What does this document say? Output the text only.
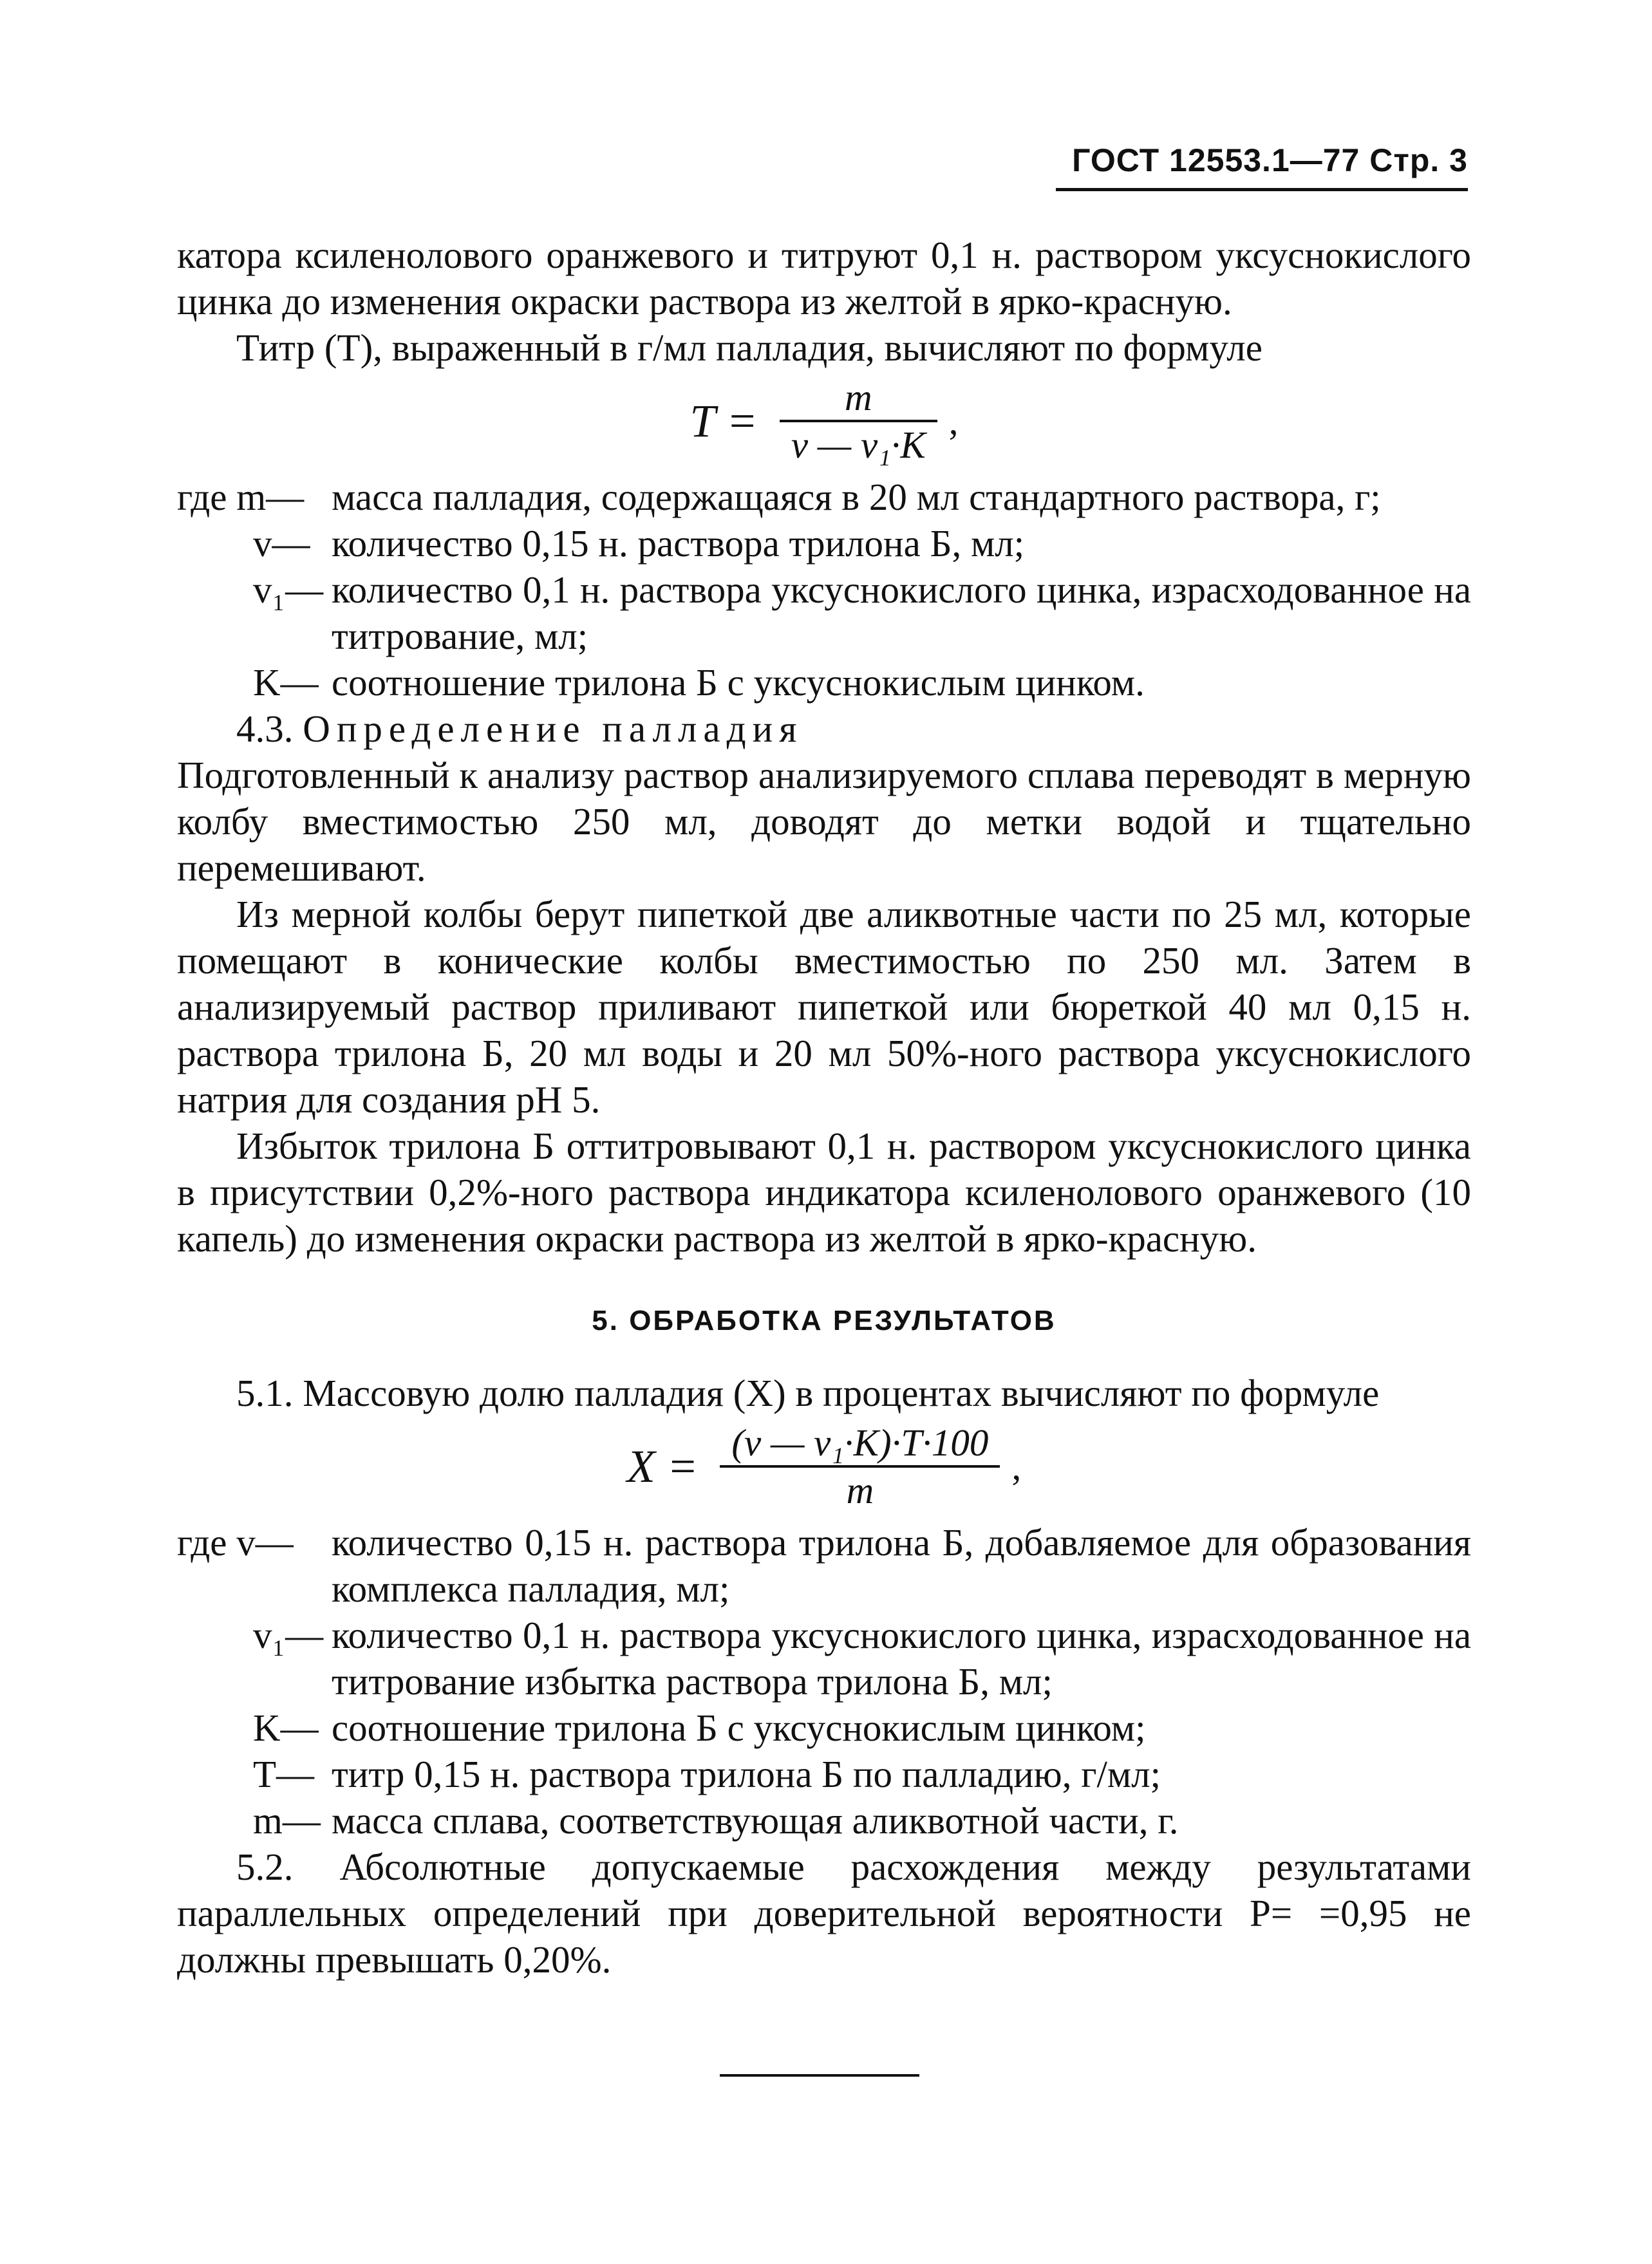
ГОСТ 12553.1—77 Стр. 3

катора ксиленолового оранжевого и титруют 0,1 н. раствором уксуснокислого цинка до изменения окраски раствора из желтой в ярко-красную.

Титр (T), выраженный в г/мл палладия, вычисляют по формуле

$T = \frac{m}{\text{v — v₁·K}}$ ,
где m— масса палладия, содержащаяся в 20 мл стандартного раствора, г;
v— количество 0,15 н. раствора трилона Б, мл;
v₁— количество 0,1 н. раствора уксуснокислого цинка, израсходованное на титрование, мл;
K— соотношение трилона Б с уксуснокислым цинком.

4.3. Определение палладия

Подготовленный к анализу раствор анализируемого сплава переводят в мерную колбу вместимостью 250 мл, доводят до метки водой и тщательно перемешивают.

Из мерной колбы берут пипеткой две аликвотные части по 25 мл, которые помещают в конические колбы вместимостью по 250 мл. Затем в анализируемый раствор приливают пипеткой или бюреткой 40 мл 0,15 н. раствора трилона Б, 20 мл воды и 20 мл 50%-ного раствора уксуснокислого натрия для создания pH 5.

Избыток трилона Б оттитровывают 0,1 н. раствором уксуснокислого цинка в присутствии 0,2%-ного раствора индикатора ксиленолового оранжевого (10 капель) до изменения окраски раствора из желтой в ярко-красную.

5. ОБРАБОТКА РЕЗУЛЬТАТОВ

5.1. Массовую долю палладия (X) в процентах вычисляют по формуле

$X = \frac{\text{(v — v₁·K)·T·100}}{m}$ ,
где v—	количество 0,15 н. раствора трилона Б, добавляемое для образования комплекса палладия, мл;
v₁— количество 0,1 н. раствора уксуснокислого цинка, израсходованное на титрование избытка раствора трилона Б, мл;
K— соотношение трилона Б с уксуснокислым цинком;
T— титр 0,15 н. раствора трилона Б по палладию, г/мл;
m— масса сплава, соответствующая аликвотной части, г.

5.2. Абсолютные допускаемые расхождения между результатами параллельных определений при доверительной вероятности P= =0,95 не должны превышать 0,20%.
